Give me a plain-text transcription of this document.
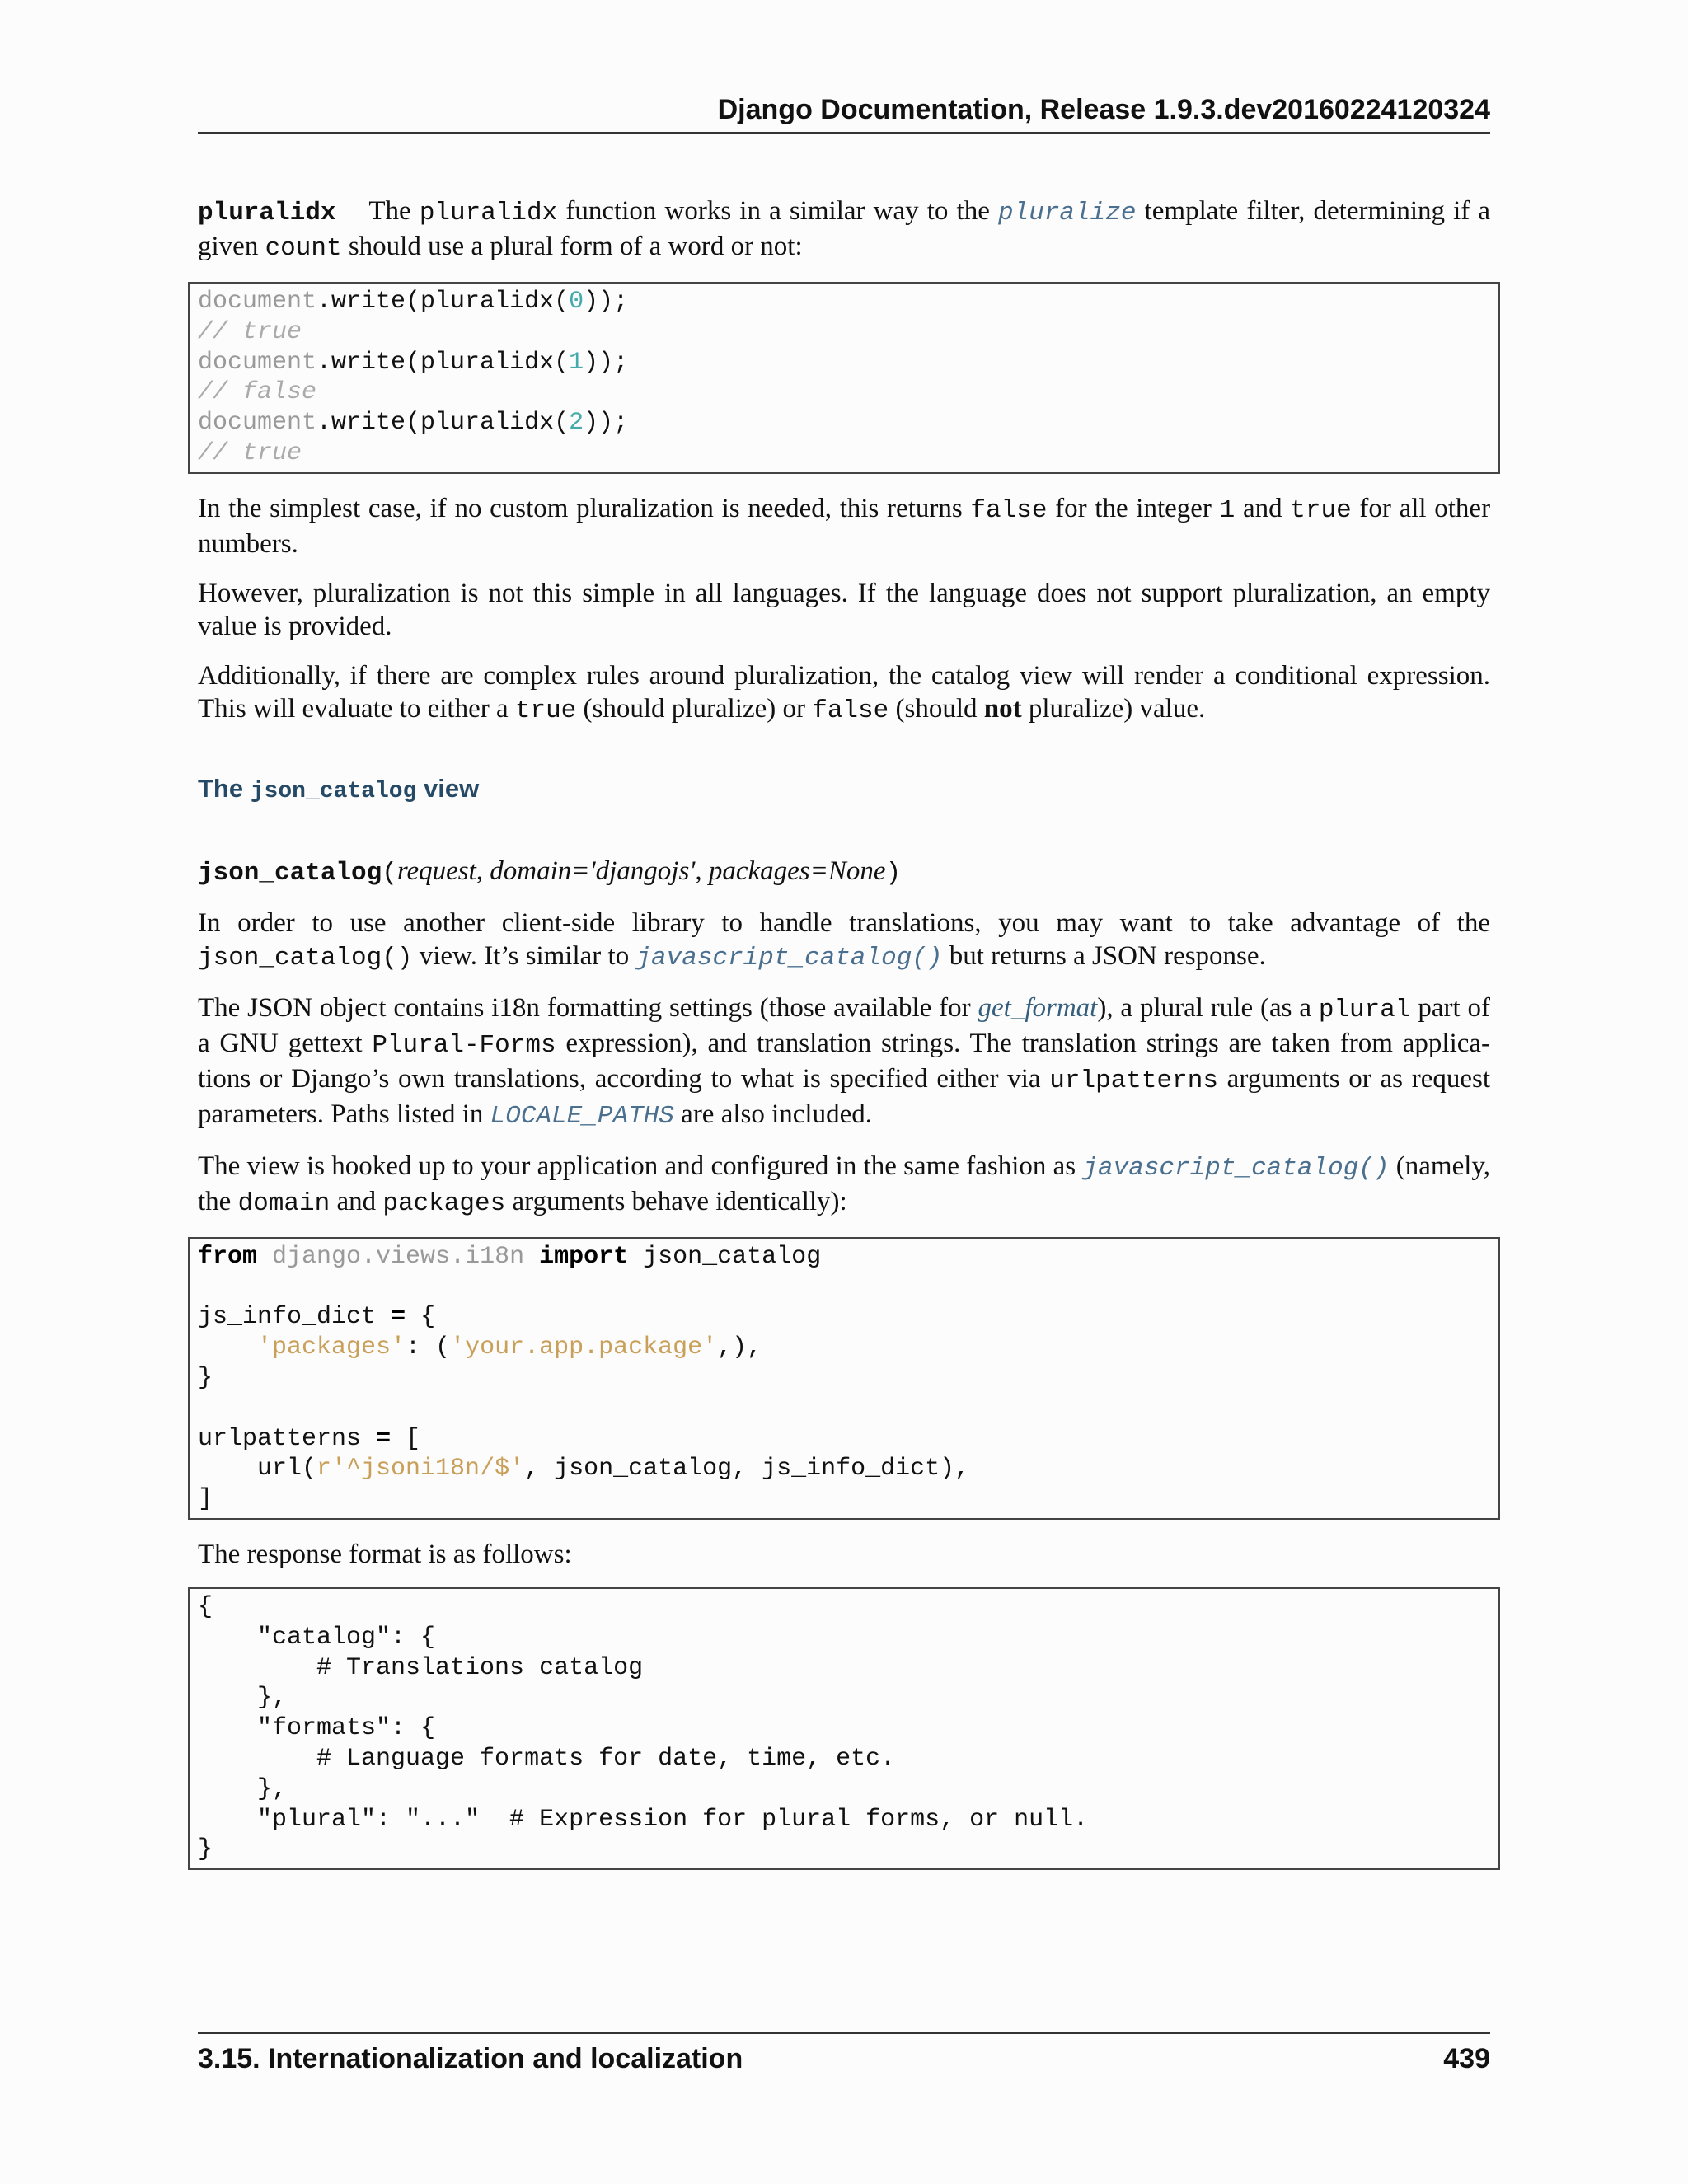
Django Documentation, Release 1.9.3.dev20160224120324

pluralidx The pluralidx function works in a similar way to the pluralize template filter, determining if a given count should use a plural form of a word or not:

document.write(pluralidx(0));
// true
document.write(pluralidx(1));
// false
document.write(pluralidx(2));
// true

In the simplest case, if no custom pluralization is needed, this returns false for the integer 1 and true for all other numbers.

However, pluralization is not this simple in all languages. If the language does not support pluralization, an empty value is provided.

Additionally, if there are complex rules around pluralization, the catalog view will render a conditional expression. This will evaluate to either a true (should pluralize) or false (should not pluralize) value.

The json_catalog view
json_catalog(request, domain='djangojs', packages=None)

In order to use another client-side library to handle translations, you may want to take advantage of the json_catalog() view. It’s similar to javascript_catalog() but returns a JSON response.

The JSON object contains i18n formatting settings (those available for get_format), a plural rule (as a plural part of a GNU gettext Plural-Forms expression), and translation strings. The translation strings are taken from applica-tions or Django’s own translations, according to what is specified either via urlpatterns arguments or as request parameters. Paths listed in LOCALE_PATHS are also included.

The view is hooked up to your application and configured in the same fashion as javascript_catalog() (namely, the domain and packages arguments behave identically):

from django.views.i18n import json_catalog

js_info_dict = {
'packages': ('your.app.package',),
}

urlpatterns = [
url(r'^jsoni18n/$', json_catalog, js_info_dict),
]

The response format is as follows:

{
"catalog": {
# Translations catalog
},
"formats": {
# Language formats for date, time, etc.
},
"plural": "..."  # Expression for plural forms, or null.
}
3.15. Internationalization and localization	439
